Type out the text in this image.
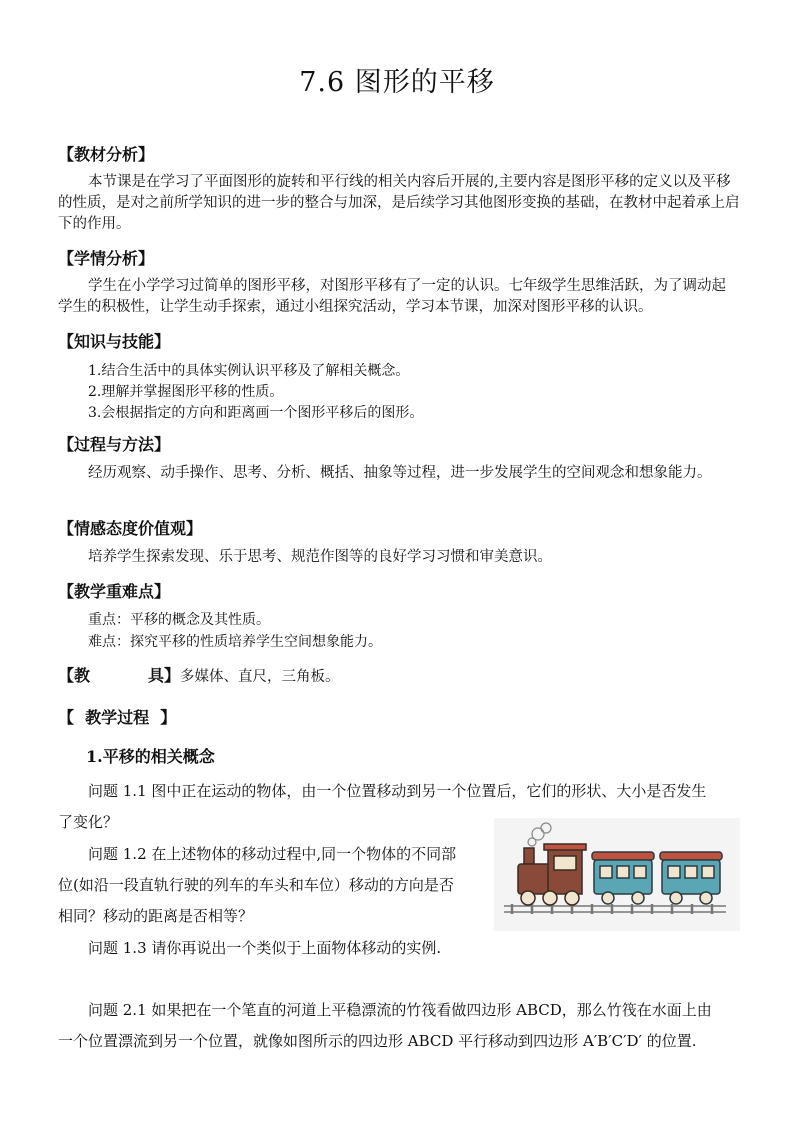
7.6 图形的平移
【教材分析】
本节课是在学习了平面图形的旋转和平行线的相关内容后开展的,主要内容是图形平移的定义以及平移的性质，是对之前所学知识的进一步的整合与加深，是后续学习其他图形变换的基础，在教材中起着承上启下的作用。
【学情分析】
学生在小学学习过简单的图形平移，对图形平移有了一定的认识。七年级学生思维活跃，为了调动起学生的积极性，让学生动手探索，通过小组探究活动，学习本节课，加深对图形平移的认识。
【知识与技能】
1.结合生活中的具体实例认识平移及了解相关概念。
2.理解并掌握图形平移的性质。
3.会根据指定的方向和距离画一个图形平移后的图形。
【过程与方法】
经历观察、动手操作、思考、分析、概括、抽象等过程，进一步发展学生的空间观念和想象能力。
【情感态度价值观】
培养学生探索发现、乐于思考、规范作图等的良好学习习惯和审美意识。
【教学重难点】
重点：平移的概念及其性质。
难点：探究平移的性质培养学生空间想象能力。
【教	具】多媒体、直尺，三角板。
【  教学过程  】
1.平移的相关概念
问题 1.1 图中正在运动的物体，由一个位置移动到另一个位置后，它们的形状、大小是否发生
了变化？
问题 1.2 在上述物体的移动过程中,同一个物体的不同部
位(如沿一段直轨行驶的列车的车头和车位）移动的方向是否
相同？移动的距离是否相等？
问题 1.3 请你再说出一个类似于上面物体移动的实例.
问题 2.1 如果把在一个笔直的河道上平稳漂流的竹筏看做四边形 ABCD，那么竹筏在水面上由
一个位置漂流到另一个位置，就像如图所示的四边形 ABCD 平行移动到四边形 A′B′C′D′ 的位置.
